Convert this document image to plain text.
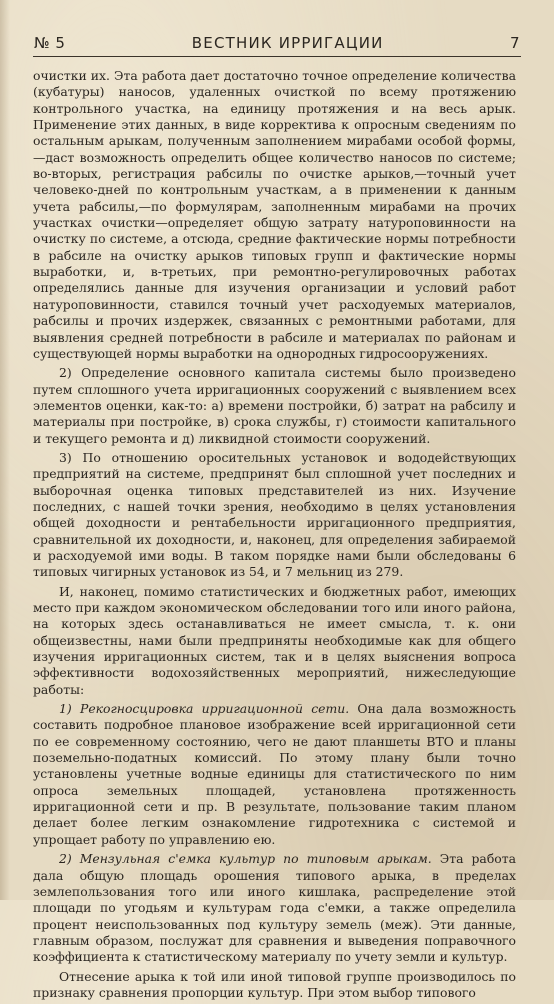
№ 5	ВЕСТНИК ИРРИГАЦИИ	7

очистки их. Эта работа дает достаточно точное определение количества (кубатуры) наносов, удаленных очисткой по всему протяжению контрольного участка, на единицу протяжения и на весь арык. Применение этих данных, в виде корректива к опросным сведениям по остальным арыкам, полученным заполнением мирабами особой формы,—даст возможность определить общее количество наносов по системе; во-вторых, регистрация рабсилы по очистке арыков,—точный учет человеко-дней по контрольным участкам, а в применении к данным учета рабсилы,—по формулярам, заполненным мирабами на прочих участках очистки—определяет общую затрату натуроповинности на очистку по системе, а отсюда, средние фактические нормы потребности в рабсиле на очистку арыков типовых групп и фактические нормы выработки, и, в-третьих, при ремонтно-регулировочных работах определялись данные для изучения организации и условий работ натуроповинности, ставился точный учет расходуемых материалов, рабсилы и прочих издержек, связанных с ремонтными работами, для выявления средней потребности в рабсиле и материалах по районам и существующей нормы выработки на однородных гидросооружениях.

2) Определение основного капитала системы было произведено путем сплошного учета ирригационных сооружений с выявлением всех элементов оценки, как-то: а) времени постройки, б) затрат на рабсилу и материалы при постройке, в) срока службы, г) стоимости капитального и текущего ремонта и д) ликвидной стоимости сооружений.

3) По отношению оросительных установок и вододействующих предприятий на системе, предпринят был сплошной учет последних и выборочная оценка типовых представителей из них. Изучение последних, с нашей точки зрения, необходимо в целях установления общей доходности и рентабельности ирригационного предприятия, сравнительной их доходности, и, наконец, для определения забираемой и расходуемой ими воды. В таком порядке нами были обследованы 6 типовых чигирных установок из 54, и 7 мельниц из 279.

И, наконец, помимо статистических и бюджетных работ, имеющих место при каждом экономическом обследовании того или иного района, на которых здесь останавливаться не имеет смысла, т. к. они общеизвестны, нами были предприняты необходимые как для общего изучения ирригационных систем, так и в целях выяснения вопроса эффективности водохозяйственных мероприятий, нижеследующие работы:

1) Рекогносцировка ирригационной сети. Она дала возможность составить подробное плановое изображение всей ирригационной сети по ее современному состоянию, чего не дают планшеты ВТО и планы поземельно-податных комиссий. По этому плану были точно установлены учетные водные единицы для статистического по ним опроса земельных площадей, установлена протяженность ирригационной сети и пр. В результате, пользование таким планом делает более легким ознакомление гидротехника с системой и упрощает работу по управлению ею.

2) Мензульная с'емка культур по типовым арыкам. Эта работа дала общую площадь орошения типового арыка, в пределах землепользования того или иного кишлака, распределение этой площади по угодьям и культурам года с'емки, а также определила процент неиспользованных под культуру земель (меж). Эти данные, главным образом, послужат для сравнения и выведения поправочного коэффициента к статистическому материалу по учету земли и культур.

Отнесение арыка к той или иной типовой группе производилось по признаку сравнения пропорции культур. При этом выбор типового
